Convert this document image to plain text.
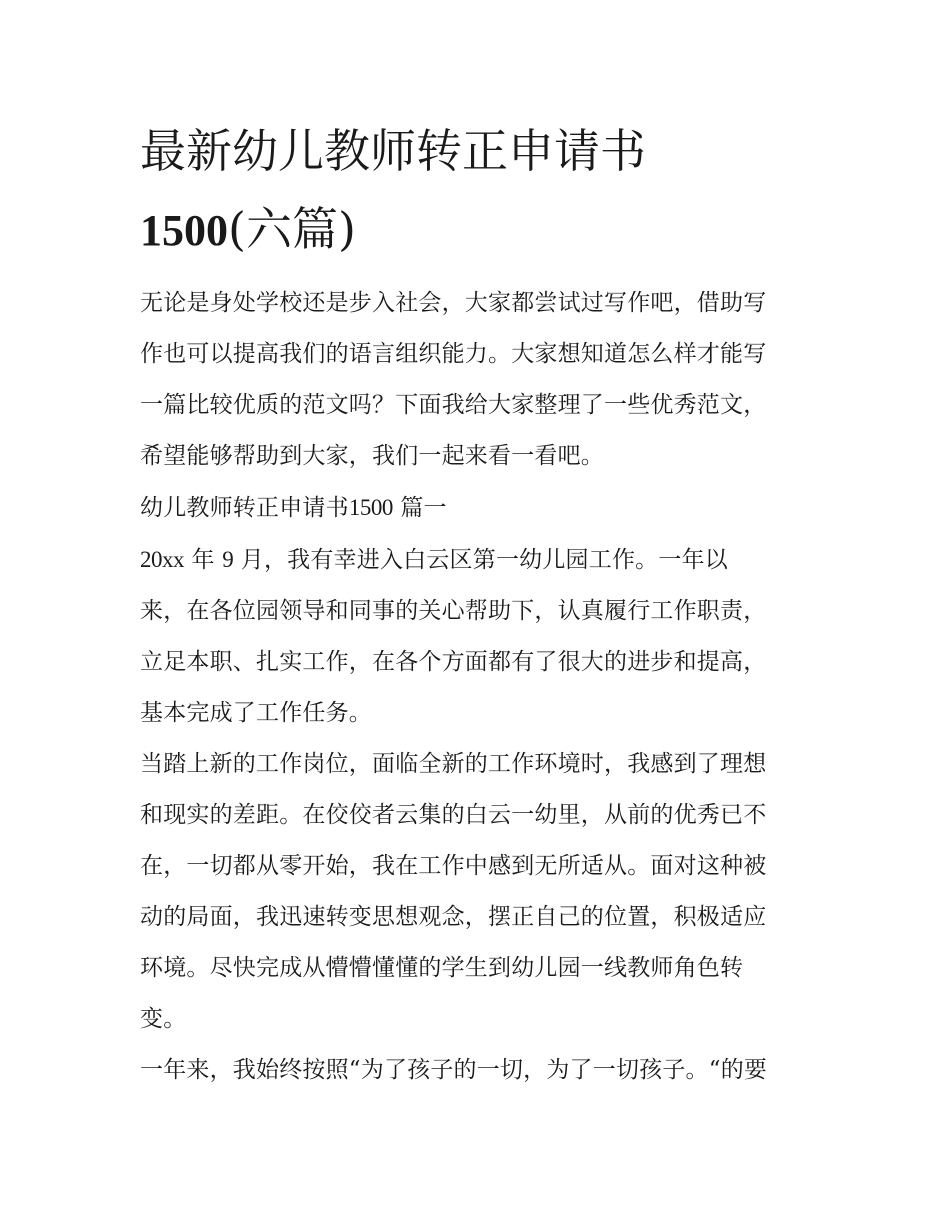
最新幼儿教师转正申请书
1500(六篇)

无论是身处学校还是步入社会，大家都尝试过写作吧，借助写
作也可以提高我们的语言组织能力。大家想知道怎么样才能写
一篇比较优质的范文吗？下面我给大家整理了一些优秀范文，
希望能够帮助到大家，我们一起来看一看吧。

幼儿教师转正申请书1500 篇一

20xx 年 9 月，我有幸进入白云区第一幼儿园工作。一年以
来，在各位园领导和同事的关心帮助下，认真履行工作职责，
立足本职、扎实工作，在各个方面都有了很大的进步和提高，
基本完成了工作任务。

当踏上新的工作岗位，面临全新的工作环境时，我感到了理想
和现实的差距。在佼佼者云集的白云一幼里，从前的优秀已不
在，一切都从零开始，我在工作中感到无所适从。面对这种被
动的局面，我迅速转变思想观念，摆正自己的位置，积极适应
环境。尽快完成从懵懵懂懂的学生到幼儿园一线教师角色转
变。

一年来，我始终按照“为了孩子的一切，为了一切孩子。“的要
